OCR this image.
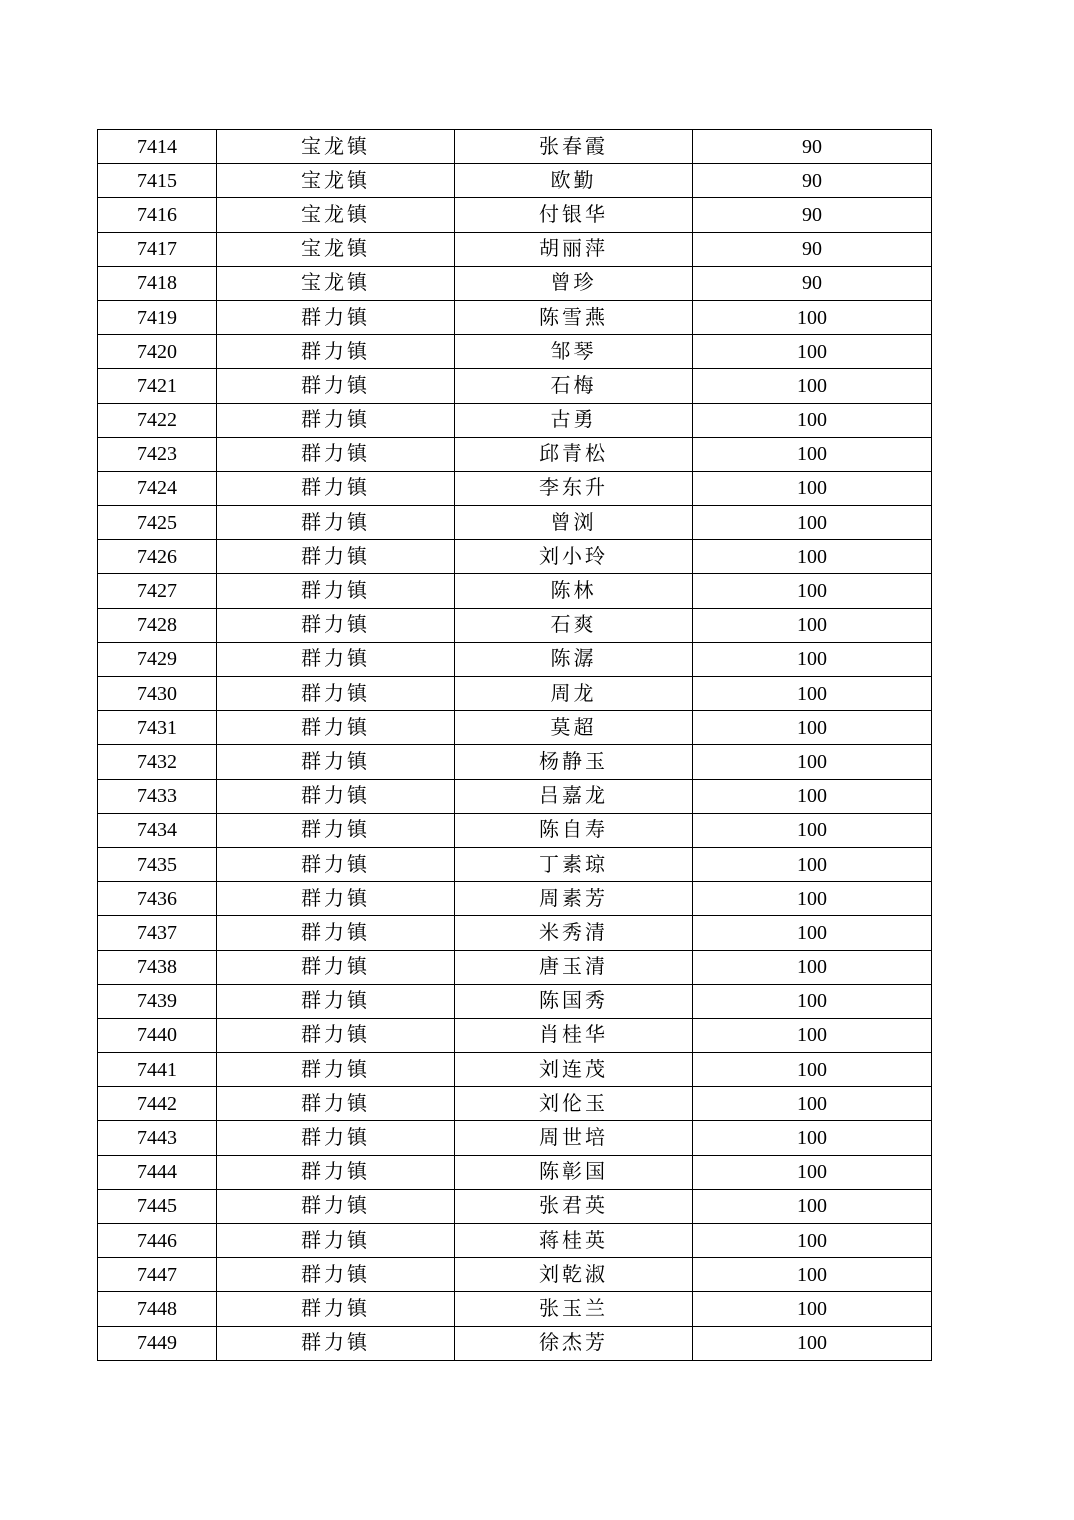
7414	宝龙镇	张春霞	90
7415	宝龙镇	欧勤	90
7416	宝龙镇	付银华	90
7417	宝龙镇	胡丽萍	90
7418	宝龙镇	曾珍	90
7419	群力镇	陈雪燕	100
7420	群力镇	邹琴	100
7421	群力镇	石梅	100
7422	群力镇	古勇	100
7423	群力镇	邱青松	100
7424	群力镇	李东升	100
7425	群力镇	曾浏	100
7426	群力镇	刘小玲	100
7427	群力镇	陈林	100
7428	群力镇	石爽	100
7429	群力镇	陈潺	100
7430	群力镇	周龙	100
7431	群力镇	莫超	100
7432	群力镇	杨静玉	100
7433	群力镇	吕嘉龙	100
7434	群力镇	陈自寿	100
7435	群力镇	丁素琼	100
7436	群力镇	周素芳	100
7437	群力镇	米秀清	100
7438	群力镇	唐玉清	100
7439	群力镇	陈国秀	100
7440	群力镇	肖桂华	100
7441	群力镇	刘连茂	100
7442	群力镇	刘伦玉	100
7443	群力镇	周世培	100
7444	群力镇	陈彰国	100
7445	群力镇	张君英	100
7446	群力镇	蒋桂英	100
7447	群力镇	刘乾淑	100
7448	群力镇	张玉兰	100
7449	群力镇	徐杰芳	100
